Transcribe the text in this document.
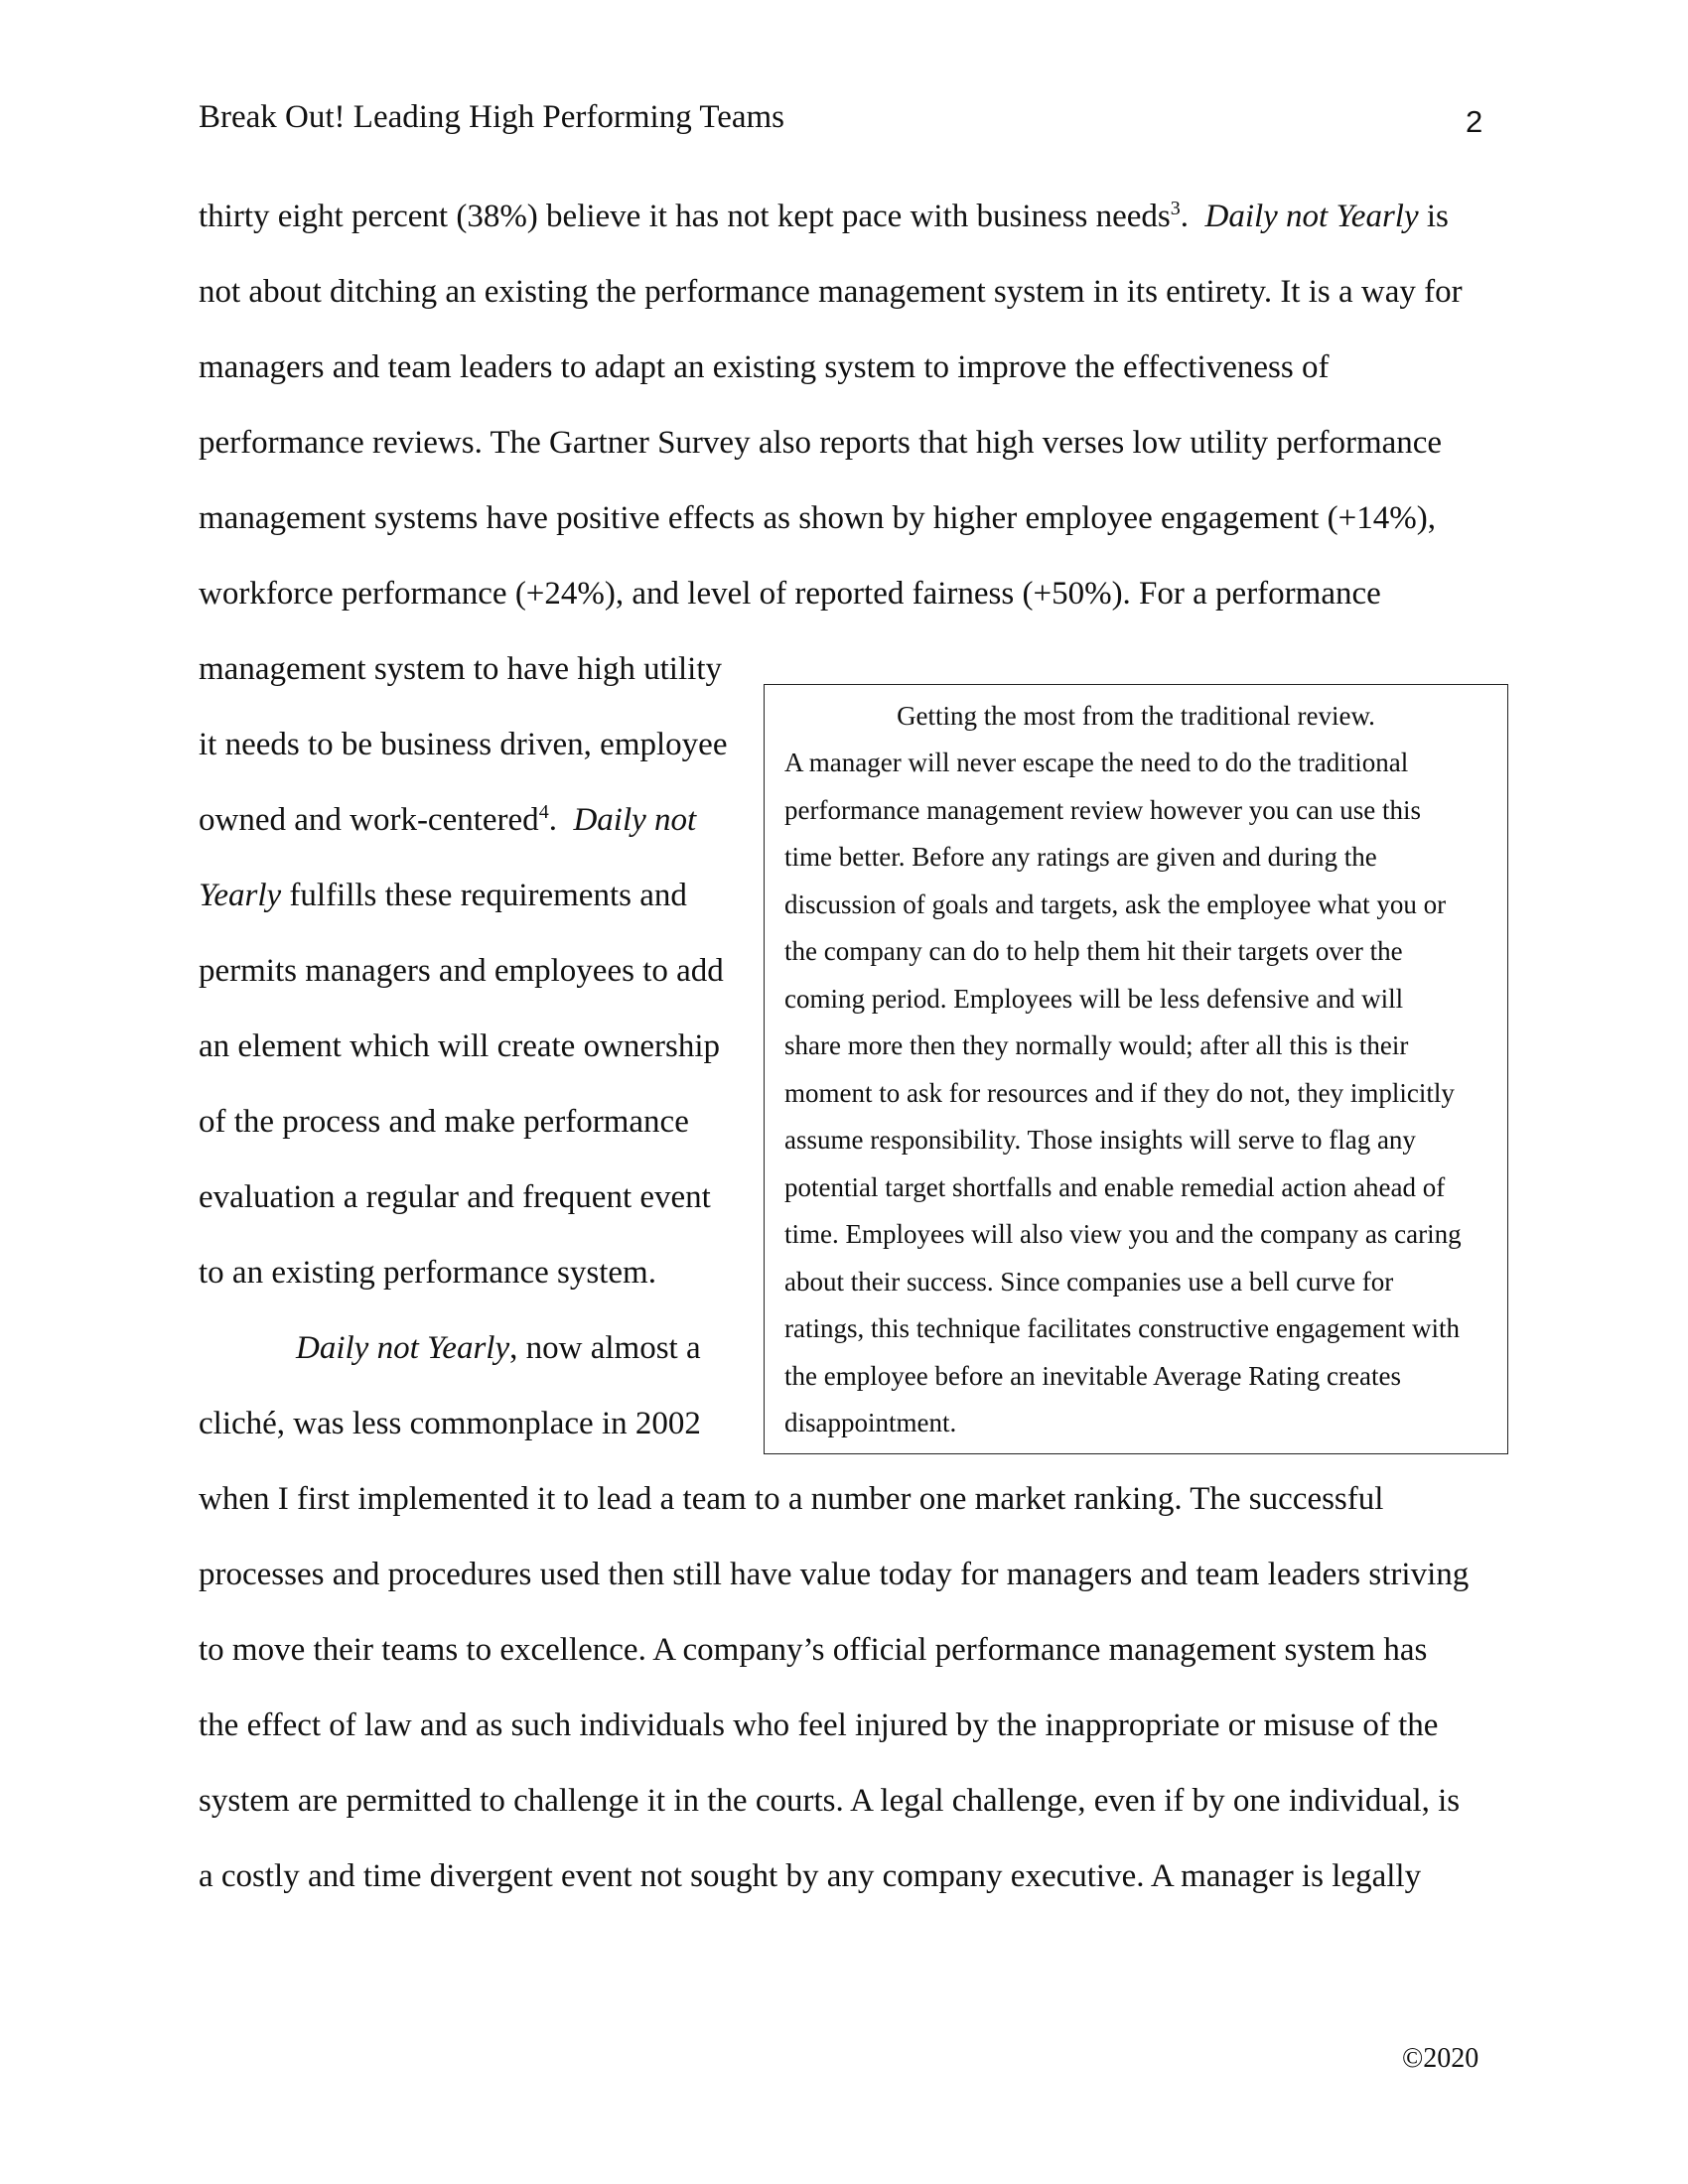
Break Out! Leading High Performing Teams	2
thirty eight percent (38%) believe it has not kept pace with business needs$^3$.  Daily not Yearly is
not about ditching an existing the performance management system in its entirety. It is a way for
managers and team leaders to adapt an existing system to improve the effectiveness of
performance reviews. The Gartner Survey also reports that high verses low utility performance
management systems have positive effects as shown by higher employee engagement (+14%),
workforce performance (+24%), and level of reported fairness (+50%). For a performance
management system to have high utility
it needs to be business driven, employee
owned and work-centered$^4$.  Daily not
Yearly fulfills these requirements and
permits managers and employees to add
an element which will create ownership
of the process and make performance
evaluation a regular and frequent event
to an existing performance system.
Daily not Yearly, now almost a
cliché, was less commonplace in 2002
when I first implemented it to lead a team to a number one market ranking. The successful
processes and procedures used then still have value today for managers and team leaders striving
to move their teams to excellence. A company’s official performance management system has
the effect of law and as such individuals who feel injured by the inappropriate or misuse of the
system are permitted to challenge it in the courts. A legal challenge, even if by one individual, is
a costly and time divergent event not sought by any company executive. A manager is legally
Getting the most from the traditional review.
A manager will never escape the need to do the traditional
performance management review however you can use this
time better. Before any ratings are given and during the
discussion of goals and targets, ask the employee what you or
the company can do to help them hit their targets over the
coming period. Employees will be less defensive and will
share more then they normally would; after all this is their
moment to ask for resources and if they do not, they implicitly
assume responsibility. Those insights will serve to flag any
potential target shortfalls and enable remedial action ahead of
time. Employees will also view you and the company as caring
about their success. Since companies use a bell curve for
ratings, this technique facilitates constructive engagement with
the employee before an inevitable Average Rating creates
disappointment.
©2020
